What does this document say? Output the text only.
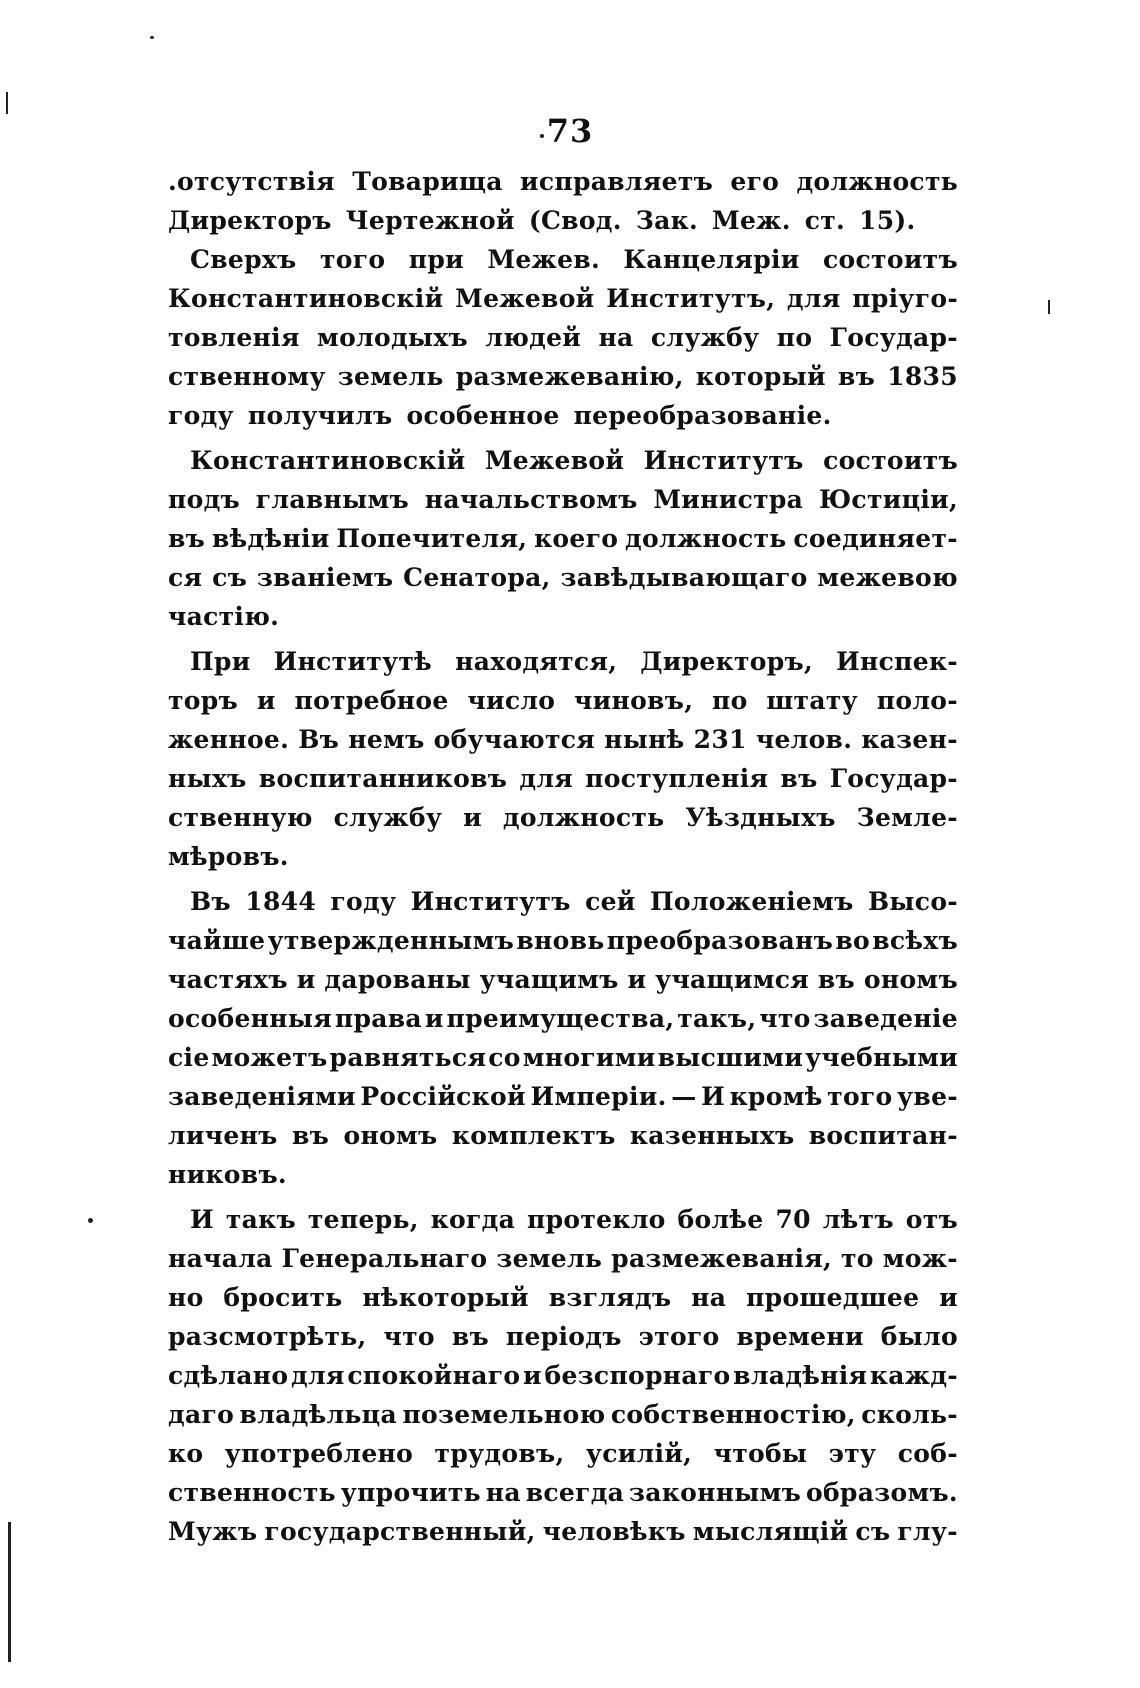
73
.отсутствія Товарища исправляетъ его должность
Директоръ Чертежной (Свод. Зак. Меж. ст. 15).
Сверхъ того при Межев. Канцеляріи состоитъ
Константиновскій Межевой Институтъ, для пріуго-
товленія молодыхъ людей на службу по Государ-
ственному земель размежеванію, который въ 1835
году получилъ особенное переобразованіе.
Константиновскій Межевой Институтъ состоитъ
подъ главнымъ начальствомъ Министра Юстиціи,
въ вѣдѣніи Попечителя, коего должность соединяет-
ся съ званіемъ Сенатора, завѣдывающаго межевою
частію.
При Институтѣ находятся, Директоръ, Инспек-
торъ и потребное число чиновъ, по штату поло-
женное. Въ немъ обучаются нынѣ 231 челов. казен-
ныхъ воспитанниковъ для поступленія въ Государ-
ственную службу и должность Уѣздныхъ Земле-
мѣровъ.
Въ 1844 году Институтъ сей Положеніемъ Высо-
чайше утвержденнымъ вновь преобразованъ во всѣхъ
частяхъ и дарованы учащимъ и учащимся въ ономъ
особенныя права и преимущества, такъ, что заведеніе
сіе можетъ равняться со многими высшими учебными
заведеніями Россійской Имперіи. — И кромѣ того уве-
личенъ въ ономъ комплектъ казенныхъ воспитан-
никовъ.
И такъ теперь, когда протекло болѣе 70 лѣтъ отъ
начала Генеральнаго земель размежеванія, то мож-
но бросить нѣкоторый взглядъ на прошедшее и
разсмотрѣть, что въ періодъ этого времени было
сдѣлано для спокойнаго и безспорнаго владѣнія кажд-
даго владѣльца поземельною собственностію, сколь-
ко употреблено трудовъ, усилій, чтобы эту соб-
ственность упрочить на всегда законнымъ образомъ.
Мужъ государственный, человѣкъ мыслящій съ глу-
